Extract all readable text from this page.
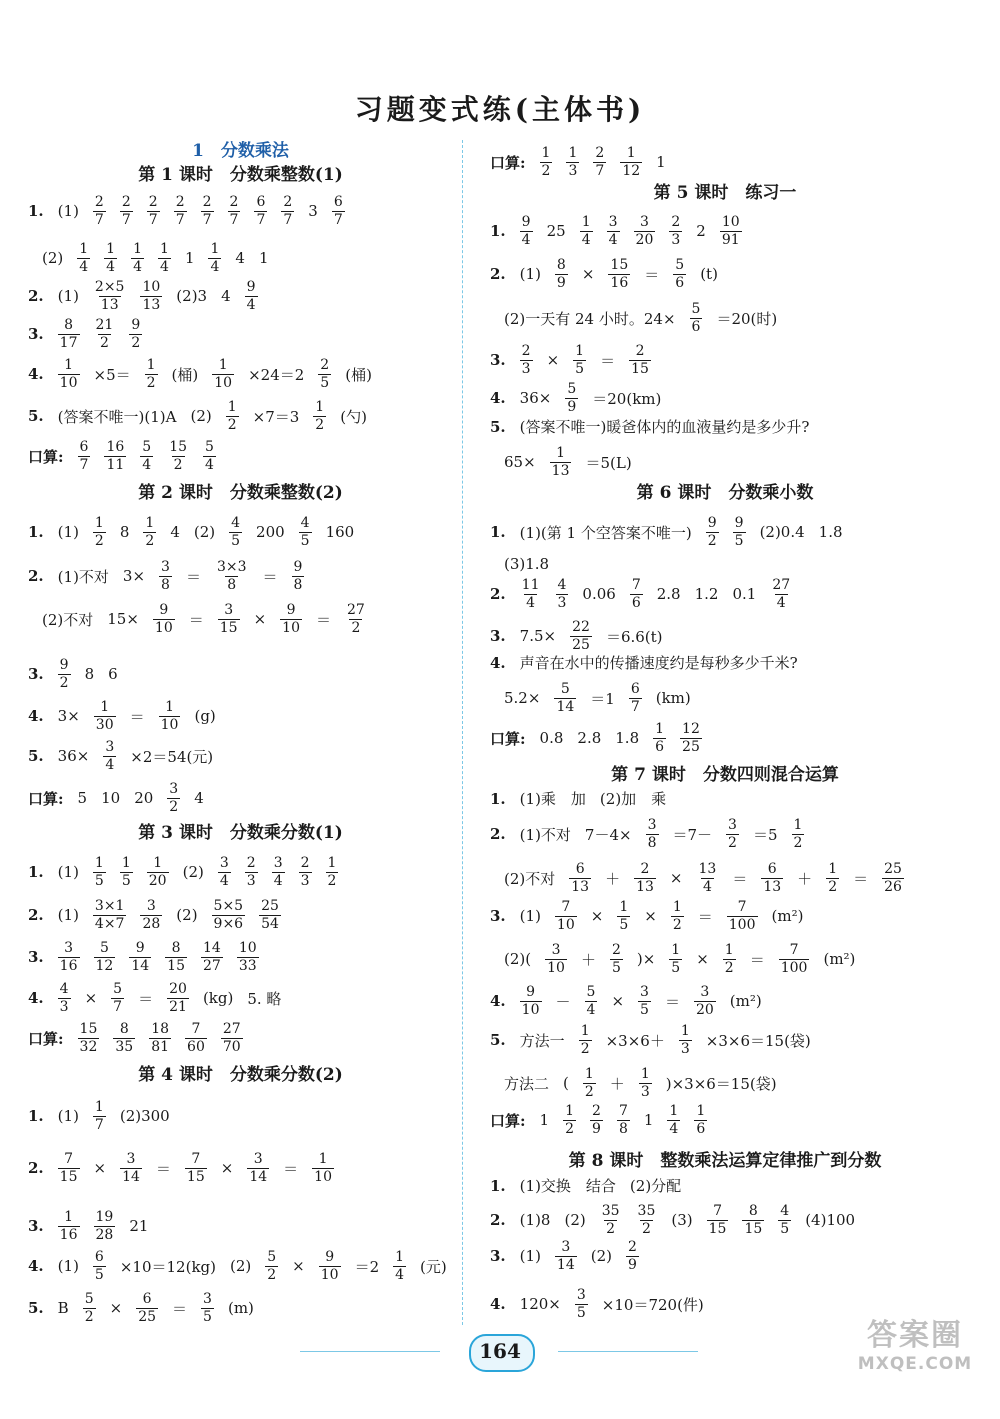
习题变式练(主体书)
1　分数乘法
第 1 课时　分数乘整数(1)
1. $(1) \frac{2}{7} \frac{2}{7} \frac{2}{7} \frac{2}{7} \frac{2}{7} \frac{2}{7} \frac{6}{7} \frac{2}{7} 3 \frac{6}{7}$
$(2) \frac{1}{4} \frac{1}{4} \frac{1}{4} \frac{1}{4} 1 \frac{1}{4} 4$ 1
2. $(1) \frac{2\times 5}{13} \frac{10}{13} (2)3$ $4 \frac{9}{4}$
3. $\frac{8}{17} \frac{21}{2} \frac{9}{2}$
4. $\frac{1}{10} \times 5= \frac{1}{2}$ (桶) $\frac{1}{10} \times 24=2 \frac{2}{5}$ (桶)
5. (答案不唯一)(1)A $(2) \frac{1}{2} \times 7=3 \frac{1}{2}$ (勺)
口算: $\frac{6}{7} \frac{16}{11} \frac{5}{4} \frac{15}{2} \frac{5}{4}$
第 2 课时　分数乘整数(2)
1. $(1) \frac{1}{2} 8 \frac{1}{2} 4$ $(2) \frac{4}{5} 200 \frac{4}{5} 160$
2. (1)不对 $3\times \frac{3}{8} = \frac{3\times 3}{8} = \frac{9}{8}$
(2)不对 $15\times \frac{9}{10} = \frac{3}{15} \times \frac{9}{10} = \frac{27}{2}$
3. $\frac{9}{2} 8$ 6
4. $3\times \frac{1}{30} = \frac{1}{10} (g)$
5. $36\times \frac{3}{4} \times 2=54$(元)
口算: 5 10 $20 \frac{3}{2} 4$
第 3 课时　分数乘分数(1)
1. $(1) \frac{1}{5} \frac{1}{5} \frac{1}{20} (2) \frac{3}{4} \frac{2}{3} \frac{3}{4} \frac{2}{3} \frac{1}{2}$
2. $(1) \frac{3\times 1}{4\times 7} \frac{3}{28} (2) \frac{5\times 5}{9\times 6} \frac{25}{54}$
3. $\frac{3}{16} \frac{5}{12} \frac{9}{14} \frac{8}{15} \frac{14}{27} \frac{10}{33}$
4. $\frac{4}{3} \times \frac{5}{7} = \frac{20}{21} (kg)$ 5. 略
口算: $\frac{15}{32} \frac{8}{35} \frac{18}{81} \frac{7}{60} \frac{27}{70}$
第 4 课时　分数乘分数(2)
1. $(1) \frac{1}{7} (2)300$
2. $\frac{7}{15} \times \frac{3}{14} = \frac{7}{15} \times \frac{3}{14} = \frac{1}{10}$
3. $\frac{1}{16} \frac{19}{28} 21$
4. $(1) \frac{6}{5} \times 10=12(kg)$ $(2) \frac{5}{2} \times \frac{9}{10} =2 \frac{1}{4}$ (元)
5. B $\frac{5}{2} \times \frac{6}{25} = \frac{3}{5} (m)$
口算: $\frac{1}{2} \frac{1}{3} \frac{2}{7} \frac{1}{12} 1$
第 5 课时　练习一
1. $\frac{9}{4} 25 \frac{1}{4} \frac{3}{4} \frac{3}{20} \frac{2}{3} 2 \frac{10}{91}$
2. $(1) \frac{8}{9} \times \frac{15}{16} = \frac{5}{6} (t)$
(2)一天有 24 小时。$24\times \frac{5}{6} =20$(时)
3. $\frac{2}{3} \times \frac{1}{5} = \frac{2}{15}$
4. $36\times \frac{5}{9} =20(km)$
5. (答案不唯一)暖爸体内的血液量约是多少升?
$65\times \frac{1}{13} =5(L)$
第 6 课时　分数乘小数
1. (1)(第 1 个空答案不唯一) $\frac{9}{2} \frac{9}{5} (2)0.4$ 1.8
(3)1.8
2. $\frac{11}{4} \frac{4}{3} 0.06 \frac{7}{6} 2.8$ 1.2 $0.1 \frac{27}{4}$
3. $7.5\times \frac{22}{25} =6.6(t)$
4. 声音在水中的传播速度约是每秒多少千米?
$5.2\times \frac{5}{14} =1 \frac{6}{7} (km)$
口算: 0.8 2.8 $1.8 \frac{1}{6} \frac{12}{25}$
第 7 课时　分数四则混合运算
1. (1)乘　加 (2)加　乘
2. (1)不对 $7-4\times \frac{3}{8} =7- \frac{3}{2} =5 \frac{1}{2}$
(2)不对 $\frac{6}{13} + \frac{2}{13} \times \frac{13}{4} = \frac{6}{13} + \frac{1}{2} = \frac{25}{26}$
3. $(1) \frac{7}{10} \times \frac{1}{5} \times \frac{1}{2} = \frac{7}{100} (m^2)$
$(2)( \frac{3}{10} + \frac{2}{5}$ )× $\frac{1}{5} \times \frac{1}{2} = \frac{7}{100} (m^2)$
4. $\frac{9}{10} - \frac{5}{4} \times \frac{3}{5} = \frac{3}{20} (m^2)$
5. 方法一 $\frac{1}{2} \times 3\times 6+ \frac{1}{3} \times 3\times 6=15$(袋)
方法二 ( $\frac{1}{2} + \frac{1}{3} )\times 3\times 6=15$(袋)
口算: $1 \frac{1}{2} \frac{2}{9} \frac{7}{8} 1 \frac{1}{4} \frac{1}{6}$
第 8 课时　整数乘法运算定律推广到分数
1. (1)交换　结合 (2)分配
2. (1)8 $(2) \frac{35}{2} \frac{35}{2} (3) \frac{7}{15} \frac{8}{15} \frac{4}{5} (4)100$
3. $(1) \frac{3}{14} (2) \frac{2}{9}$
4. $120\times \frac{3}{5} \times 10=720$(件)
164	答案圈
MXQE.COM
